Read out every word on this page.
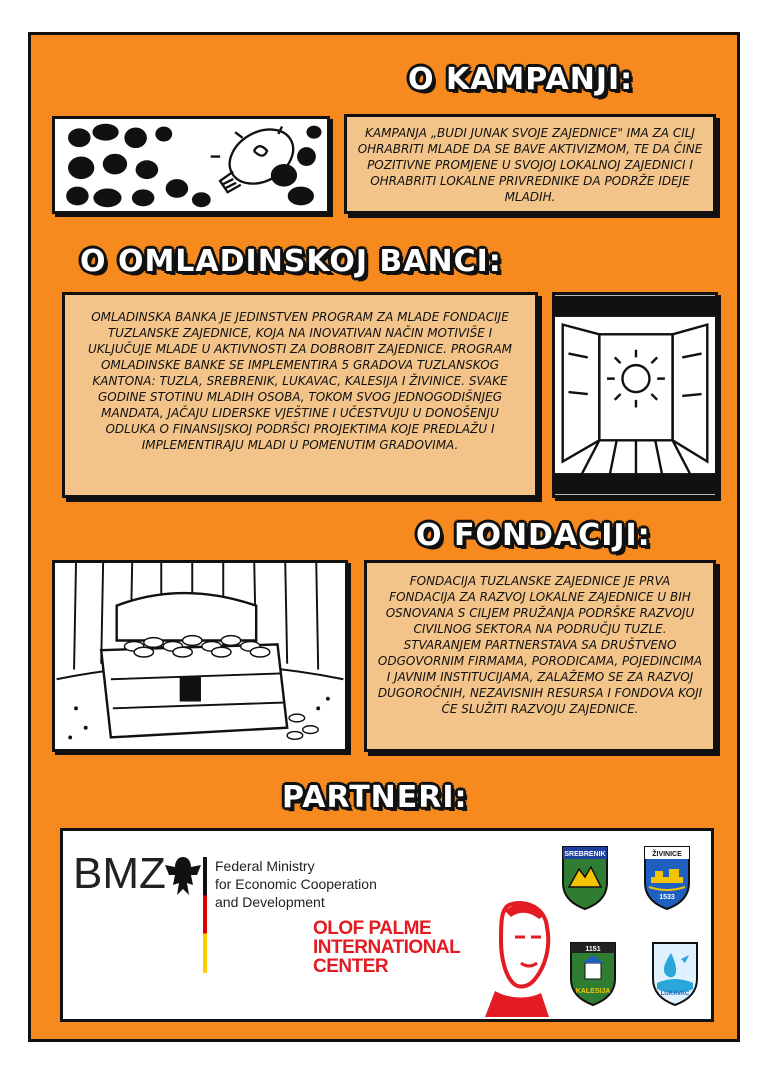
O KAMPANJI:

KAMPANJA „BUDI JUNAK SVOJE ZAJEDNICE" IMA ZA CILJ OHRABRITI MLADE DA SE BAVE AKTIVIZMOM, TE DA ČINE POZITIVNE PROMJENE U SVOJOJ LOKALNOJ ZAJEDNICI I OHRABRITI LOKALNE PRIVREDNIKE DA PODRŽE IDEJE MLADIH.

O OMLADINSKOJ BANCI:

OMLADINSKA BANKA JE JEDINSTVEN PROGRAM ZA MLADE FONDACIJE TUZLANSKE ZAJEDNICE, KOJA NA INOVATIVAN NAČIN MOTIVIŠE I UKLJUČUJE MLADE U AKTIVNOSTI ZA DOBROBIT ZAJEDNICE. PROGRAM OMLADINSKE BANKE SE IMPLEMENTIRA 5 GRADOVA TUZLANSKOG KANTONA: TUZLA, SREBRENIK, LUKAVAC, KALESIJA I ŽIVINICE. SVAKE GODINE STOTINU MLADIH OSOBA, TOKOM SVOG JEDNOGODIŠNJEG MANDATA, JAČAJU LIDERSKE VJEŠTINE I UČESTVUJU U DONOŠENJU ODLUKA O FINANSIJSKOJ PODRŠCI PROJEKTIMA KOJE PREDLAŽU I IMPLEMENTIRAJU MLADI U POMENUTIM GRADOVIMA.

O FONDACIJI:

FONDACIJA TUZLANSKE ZAJEDNICE JE PRVA FONDACIJA ZA RAZVOJ LOKALNE ZAJEDNICE U BIH OSNOVANA S CILJEM PRUŽANJA PODRŠKE RAZVOJU CIVILNOG SEKTORA NA PODRUČJU TUZLE. STVARANJEM PARTNERSTAVA SA DRUŠTVENO ODGOVORNIM FIRMAMA, PORODICAMA, POJEDINCIMA I JAVNIM INSTITUCIJAMA, ZALAŽEMO SE ZA RAZVOJ DUGOROČNIH, NEZAVISNIH RESURSA I FONDOVA KOJI ĆE SLUŽITI RAZVOJU ZAJEDNICE.

PARTNERI:
BMZ	Federal Ministry
for Economic Cooperation
and Development
OLOF PALME
INTERNATIONAL
CENTER
SREBRENIK	ŽIVINICE
1533
1151
KALESIJA	LUKAVAC
